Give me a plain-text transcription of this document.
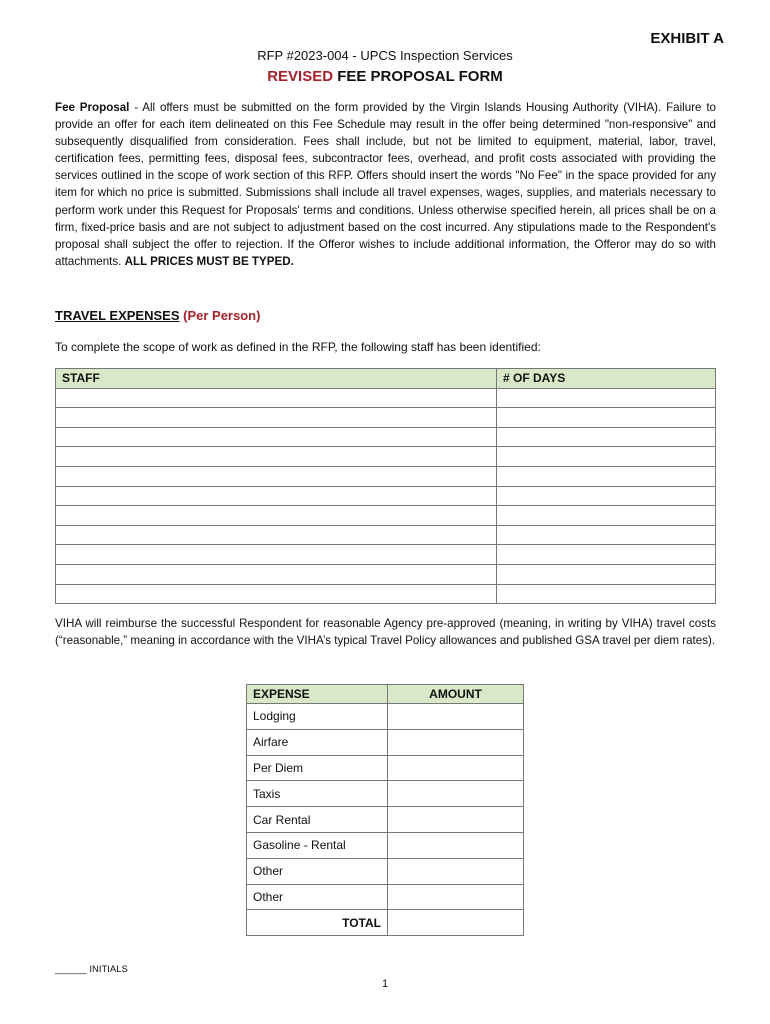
EXHIBIT A
RFP #2023-004 - UPCS Inspection Services
REVISED FEE PROPOSAL FORM
Fee Proposal - All offers must be submitted on the form provided by the Virgin Islands Housing Authority (VIHA). Failure to provide an offer for each item delineated on this Fee Schedule may result in the offer being determined "non-responsive" and subsequently disqualified from consideration. Fees shall include, but not be limited to equipment, material, labor, travel, certification fees, permitting fees, disposal fees, subcontractor fees, overhead, and profit costs associated with providing the services outlined in the scope of work section of this RFP. Offers should insert the words "No Fee" in the space provided for any item for which no price is submitted. Submissions shall include all travel expenses, wages, supplies, and materials necessary to perform work under this Request for Proposals' terms and conditions. Unless otherwise specified herein, all prices shall be on a firm, fixed-price basis and are not subject to adjustment based on the cost incurred. Any stipulations made to the Respondent's proposal shall subject the offer to rejection. If the Offeror wishes to include additional information, the Offeror may do so with attachments. ALL PRICES MUST BE TYPED.
TRAVEL EXPENSES (Per Person)
To complete the scope of work as defined in the RFP, the following staff has been identified:
STAFF	# OF DAYS

VIHA will reimburse the successful Respondent for reasonable Agency pre-approved (meaning, in writing by VIHA) travel costs (“reasonable,” meaning in accordance with the VIHA’s typical Travel Policy allowances and published GSA travel per diem rates).
EXPENSE	AMOUNT
Lodging	
Airfare	
Per Diem	
Taxis	
Car Rental	
Gasoline - Rental	
Other	
Other	
TOTAL	
______ INITIALS
1
